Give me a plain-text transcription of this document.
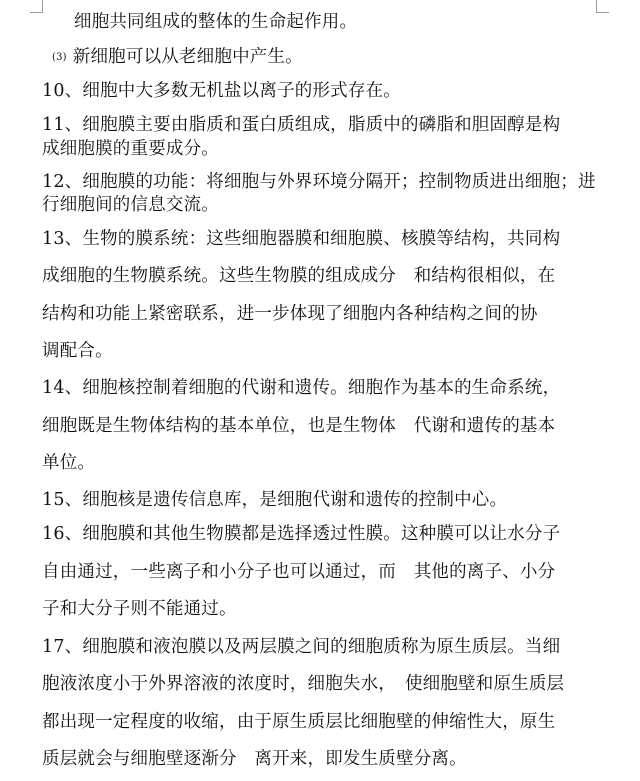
细胞共同组成的整体的生命起作用。
(3) 新细胞可以从老细胞中产生。
10、细胞中大多数无机盐以离子的形式存在。
11、细胞膜主要由脂质和蛋白质组成，脂质中的磷脂和胆固醇是构
成细胞膜的重要成分。
12、细胞膜的功能：将细胞与外界环境分隔开；控制物质进出细胞；进
行细胞间的信息交流。
13、生物的膜系统：这些细胞器膜和细胞膜、核膜等结构，共同构
成细胞的生物膜系统。这些生物膜的组成成分　和结构很相似，在
结构和功能上紧密联系，进一步体现了细胞内各种结构之间的协
调配合。
14、细胞核控制着细胞的代谢和遗传。细胞作为基本的生命系统，
细胞既是生物体结构的基本单位，也是生物体　代谢和遗传的基本
单位。
15、细胞核是遗传信息库，是细胞代谢和遗传的控制中心。
16、细胞膜和其他生物膜都是选择透过性膜。这种膜可以让水分子
自由通过，一些离子和小分子也可以通过，而　其他的离子、小分
子和大分子则不能通过。
17、细胞膜和液泡膜以及两层膜之间的细胞质称为原生质层。当细
胞液浓度小于外界溶液的浓度时，细胞失水，　使细胞壁和原生质层
都出现一定程度的收缩，由于原生质层比细胞壁的伸缩性大，原生
质层就会与细胞壁逐渐分　离开来，即发生质壁分离。
